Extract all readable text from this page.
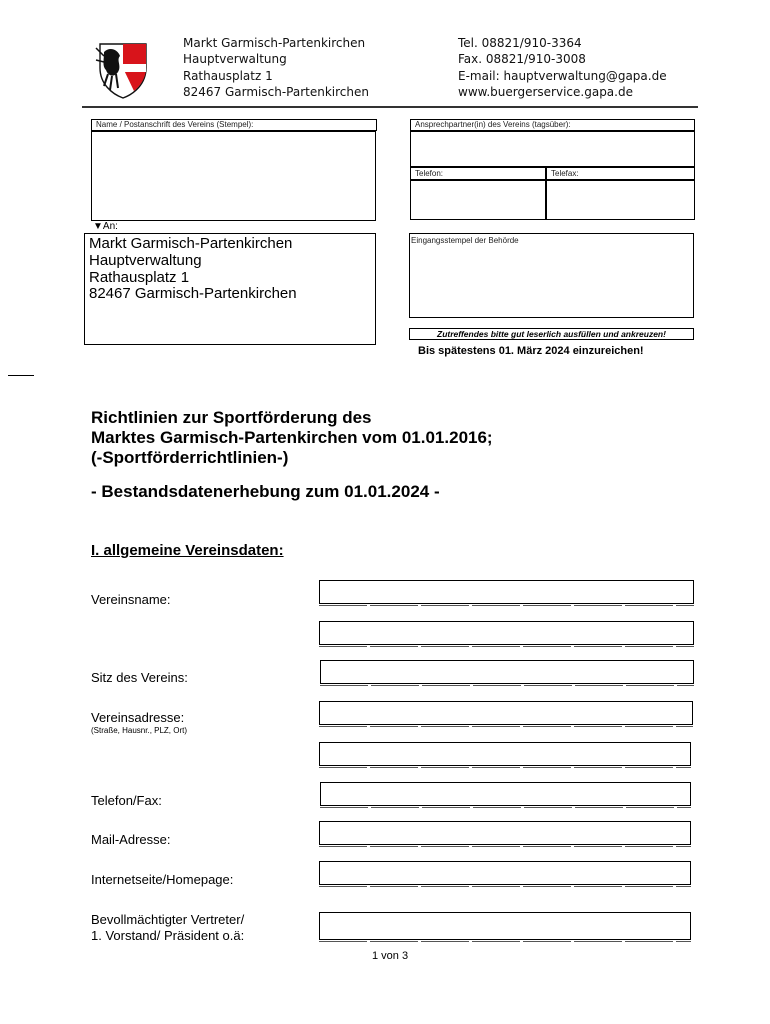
Markt Garmisch-Partenkirchen
Hauptverwaltung
Rathausplatz 1
82467 Garmisch-Partenkirchen
Tel. 08821/910-3364
Fax. 08821/910-3008
E-mail: hauptverwaltung@gapa.de
www.buergerservice.gapa.de
Name / Postanschrift des Vereins (Stempel):	Ansprechpartner(in) des Vereins (tagsüber):
Telefon:	Telefax:
▼An:
Markt Garmisch-Partenkirchen
Hauptverwaltung
Rathausplatz 1
82467 Garmisch-Partenkirchen
Eingangsstempel der Behörde
Zutreffendes bitte gut leserlich ausfüllen und ankreuzen!
Bis spätestens 01. März 2024 einzureichen!
Richtlinien zur Sportförderung des
Marktes Garmisch-Partenkirchen vom 01.01.2016;
(-Sportförderrichtlinien-)
- Bestandsdatenerhebung zum 01.01.2024 -
I. allgemeine Vereinsdaten:
Vereinsname:
Sitz des Vereins:
Vereinsadresse:
(Straße, Hausnr., PLZ, Ort)
Telefon/Fax:
Mail-Adresse:
Internetseite/Homepage:
Bevollmächtigter Vertreter/
1. Vorstand/ Präsident o.ä:
1 von 3
